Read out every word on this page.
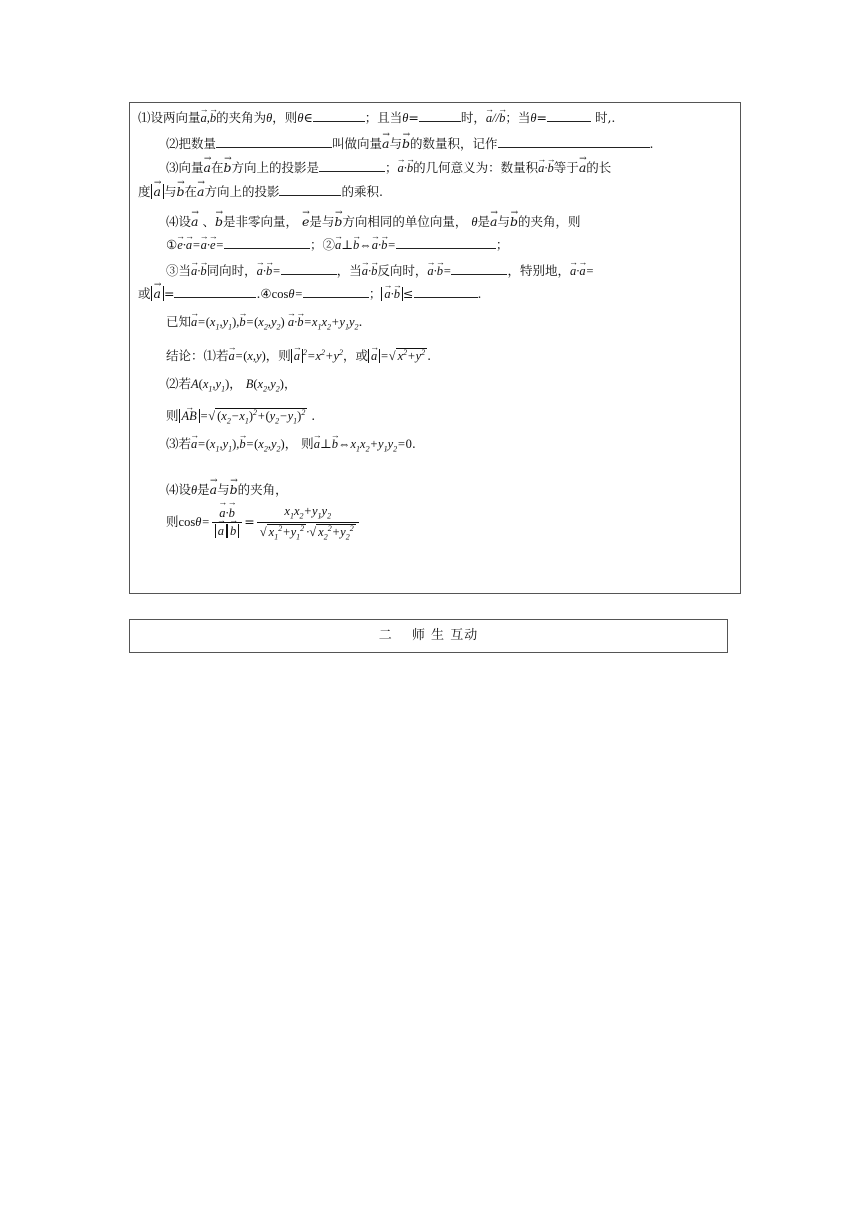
⑴设两向量→ a,→ b的夹角为θ，则θ∈	；且当θ=	时，→ a//→ b；当θ=	时,.
⑵把数量	叫做向量→ a与→ b的数量积，记作	.
⑶向量→ a在→ b方向上的投影是	；→ a·→ b的几何意义为：数量积→ a·→ b等于→ a的长
度 → a 与→ b在→ a方向上的投影	的乘积.
⑷设→ a 、→ b是非零向量， → e是与→ b方向相同的单位向量， θ是→ a与→ b的夹角，则
①→ e·→ a=→ a·→ e=	；②→ a⊥→ b⇔→ a·→ b=	；
③当→ a·→ b同向时，→ a·→ b=	，当→ a·→ b反向时，→ a·→ b=	，特别地，→ a·→ a=
或 → a =	.④cosθ=	； → a·→ b ≤	.
已知→ $a=(x_1,y_1),\to b=(x_2,y_2) \to a\cdot\to b=x_1x_2+y_1y_2$.
结论：⑴若→ a=(x,y)，则 → a $^2=x^2+y^2$，或 → a =√ $x^2+y^2$ .
⑵若$A(x_1,y_1)$， $B(x_2,y_2)$，
则 → AB =√ $(x_2-x_1)^2+(y_2-y_1)^2$ .
⑶若→ $a=(x_1,y_1),\to b=(x_2,y_2)$， 则→ a⊥→ $b\Leftrightarrow x_1x_2+y_1y_2=0$.
⑷设θ是→ a与→ b的夹角，
则cosθ= → a·→ b
→ $a \to b = \frac{x_1x_2+y_1y_2}{√ x_1^2+y_1^2 \cdot√ x_2^2+y_2^2}$
二　 师 生 互动
